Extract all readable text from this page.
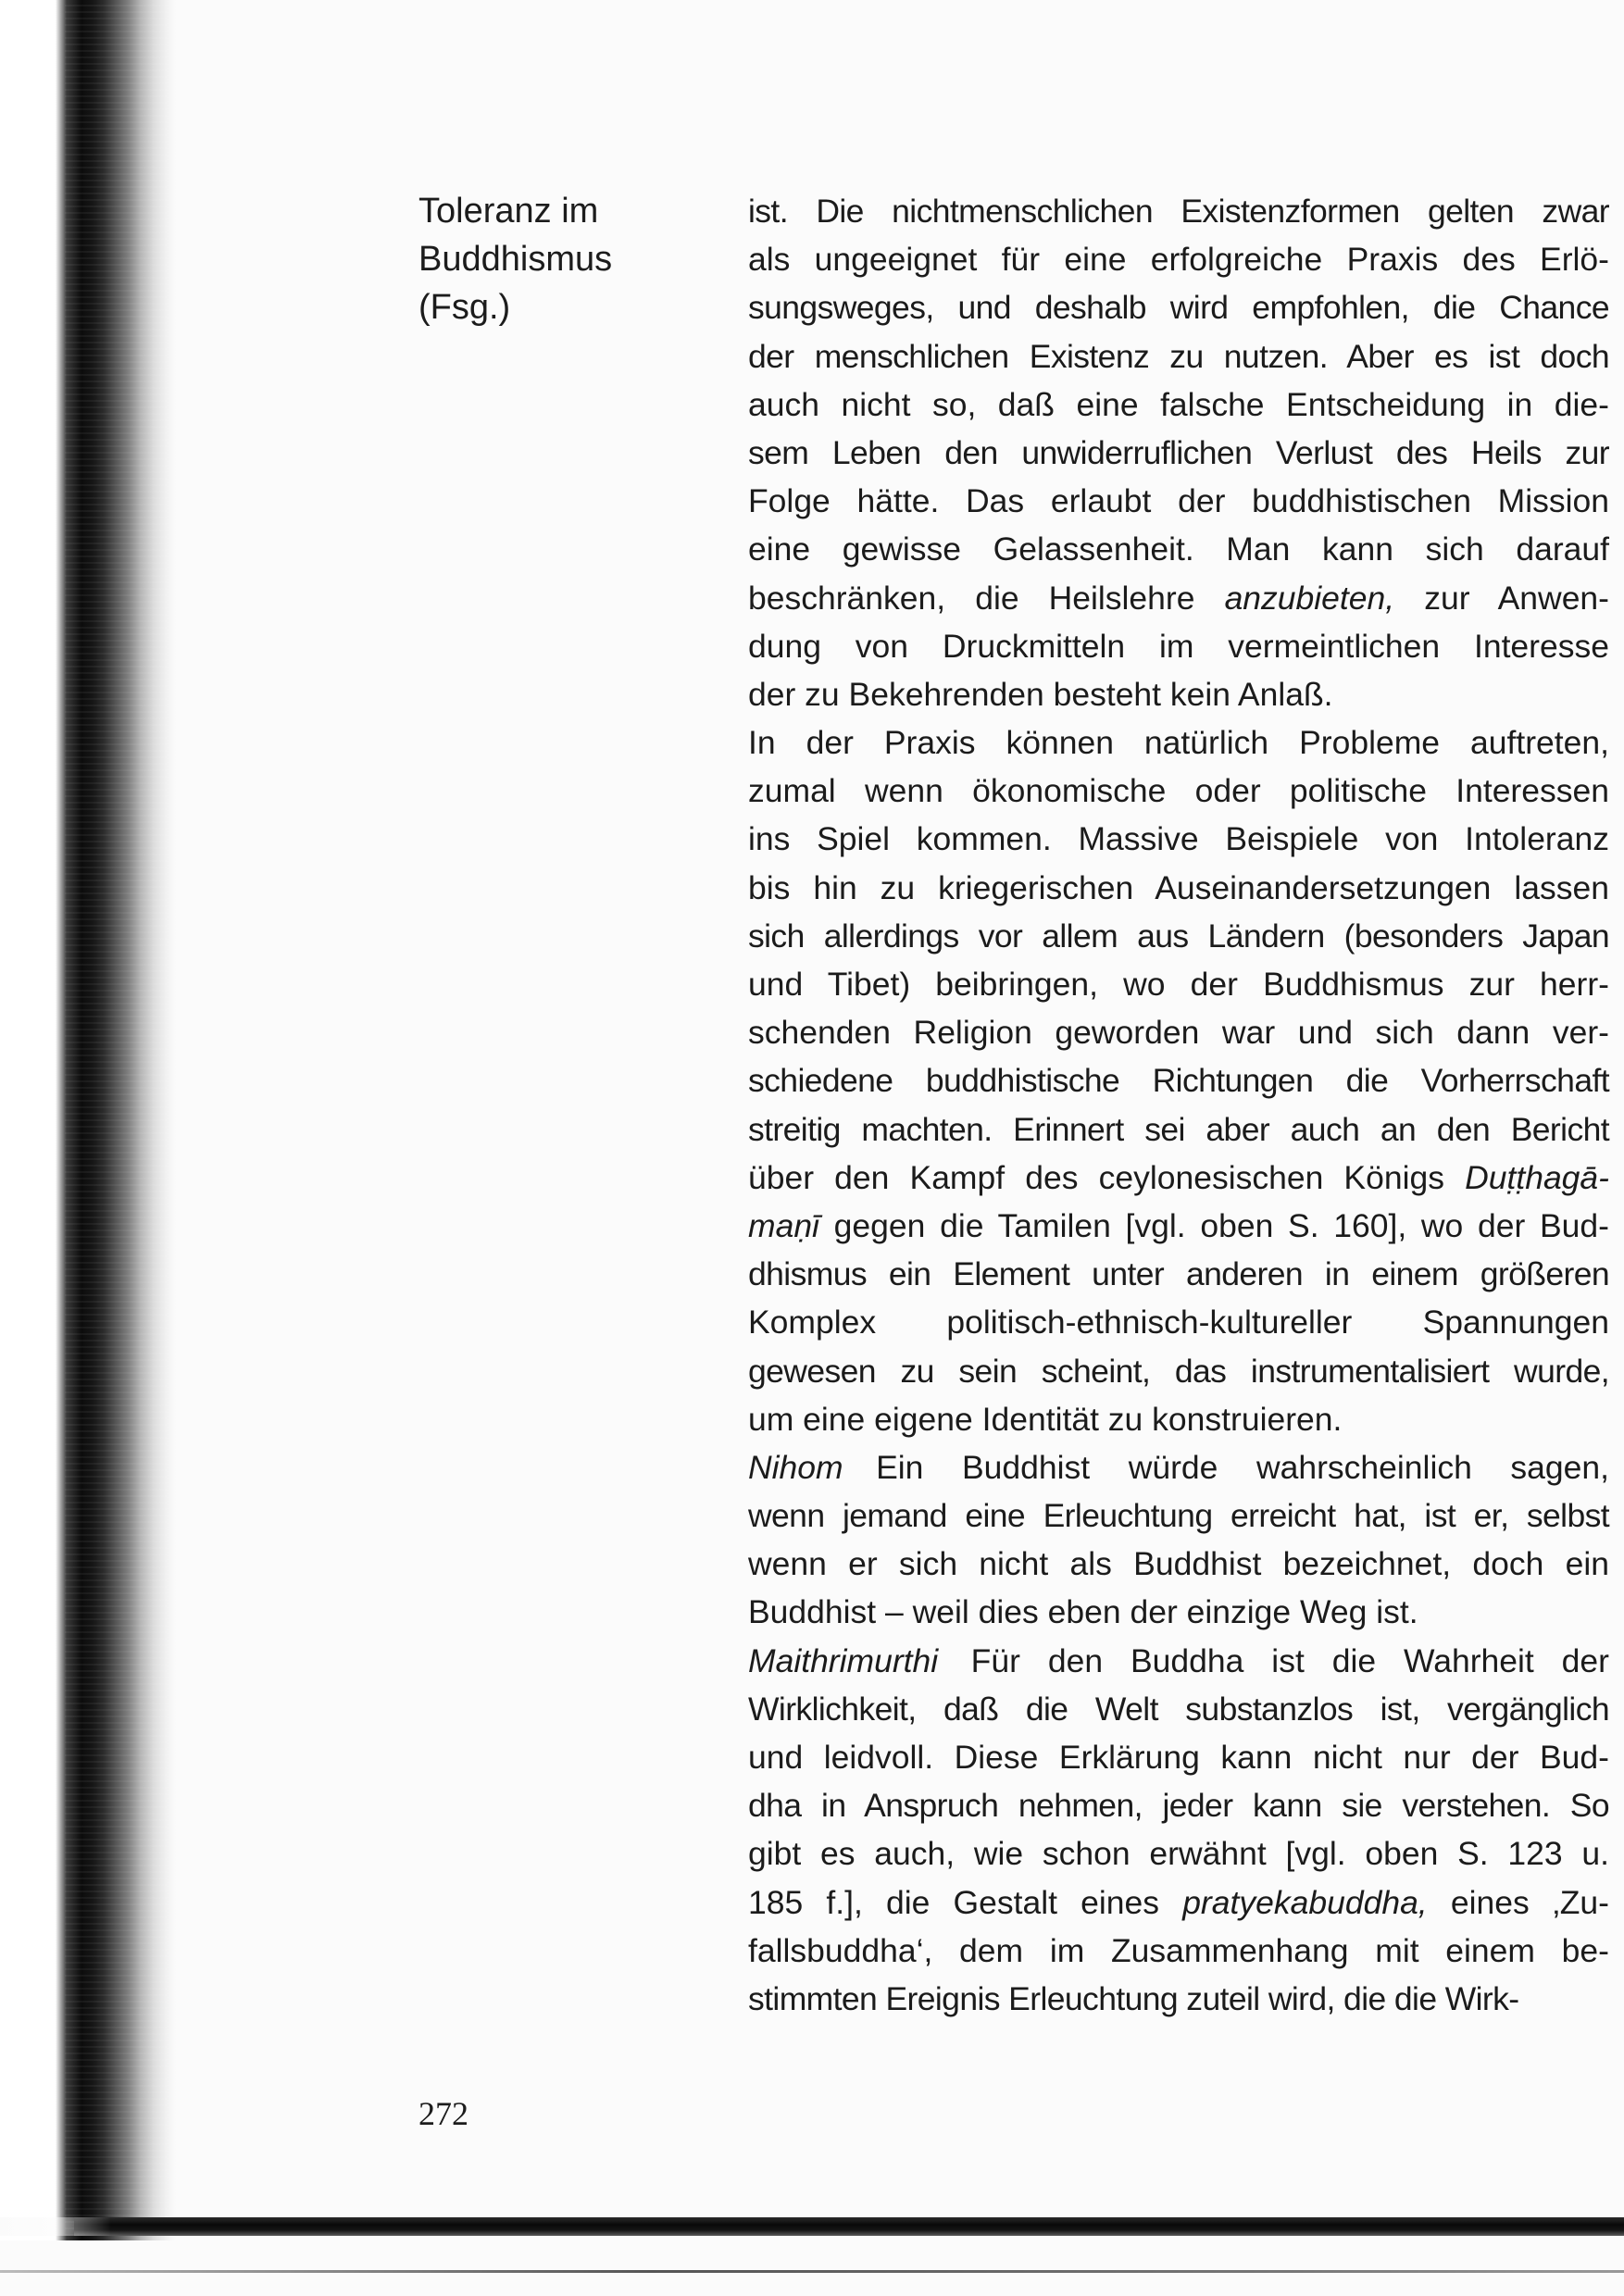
Toleranz im
Buddhismus
(Fsg.)
ist. Die nichtmenschlichen Existenzformen gelten zwar
als ungeeignet für eine erfolgreiche Praxis des Erlö-
sungsweges, und deshalb wird empfohlen, die Chance
der menschlichen Existenz zu nutzen. Aber es ist doch
auch nicht so, daß eine falsche Entscheidung in die-
sem Leben den unwiderruflichen Verlust des Heils zur
Folge hätte. Das erlaubt der buddhistischen Mission
eine gewisse Gelassenheit. Man kann sich darauf
beschränken, die Heilslehre anzubieten, zur Anwen-
dung von Druckmitteln im vermeintlichen Interesse
der zu Bekehrenden besteht kein Anlaß.
In der Praxis können natürlich Probleme auftreten,
zumal wenn ökonomische oder politische Interessen
ins Spiel kommen. Massive Beispiele von Intoleranz
bis hin zu kriegerischen Auseinandersetzungen lassen
sich allerdings vor allem aus Ländern (besonders Japan
und Tibet) beibringen, wo der Buddhismus zur herr-
schenden Religion geworden war und sich dann ver-
schiedene buddhistische Richtungen die Vorherrschaft
streitig machten. Erinnert sei aber auch an den Bericht
über den Kampf des ceylonesischen Königs Duṭṭhagā-
maṇī gegen die Tamilen [vgl. oben S. 160], wo der Bud-
dhismus ein Element unter anderen in einem größeren
Komplex politisch-ethnisch-kultureller Spannungen
gewesen zu sein scheint, das instrumentalisiert wurde,
um eine eigene Identität zu konstruieren.
Nihom  Ein Buddhist würde wahrscheinlich sagen,
wenn jemand eine Erleuchtung erreicht hat, ist er, selbst
wenn er sich nicht als Buddhist bezeichnet, doch ein
Buddhist – weil dies eben der einzige Weg ist.
Maithrimurthi  Für den Buddha ist die Wahrheit der
Wirklichkeit, daß die Welt substanzlos ist, vergänglich
und leidvoll. Diese Erklärung kann nicht nur der Bud-
dha in Anspruch nehmen, jeder kann sie verstehen. So
gibt es auch, wie schon erwähnt [vgl. oben S. 123 u.
185 f.], die Gestalt eines pratyekabuddha, eines ‚Zu-
fallsbuddha‘, dem im Zusammenhang mit einem be-
stimmten Ereignis Erleuchtung zuteil wird, die die Wirk-
272
